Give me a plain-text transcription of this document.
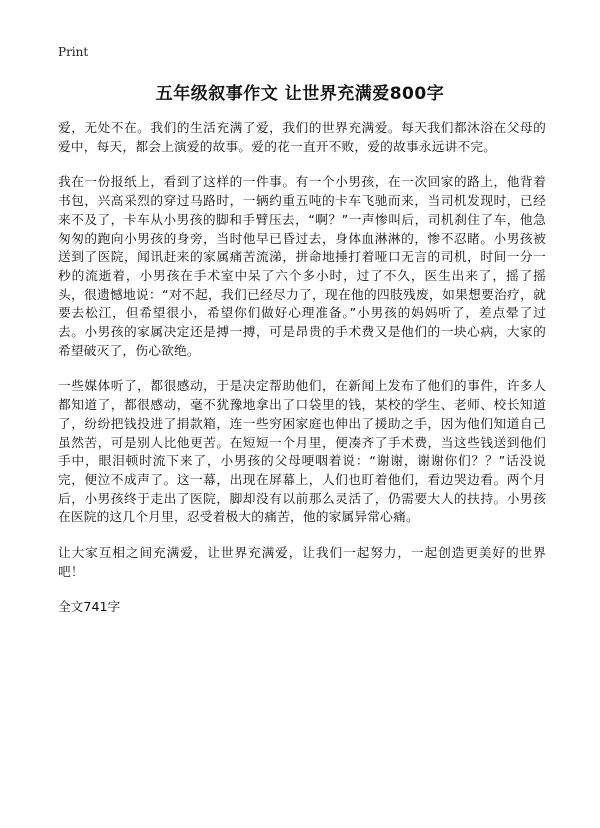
Print
五年级叙事作文 让世界充满爱800字

爱，无处不在。我们的生活充满了爱，我们的世界充满爱。每天我们都沐浴在父母的爱中，每天，都会上演爱的故事。爱的花一直开不败，爱的故事永远讲不完。

我在一份报纸上，看到了这样的一件事。有一个小男孩，在一次回家的路上，他背着书包，兴高采烈的穿过马路时，一辆约重五吨的卡车飞驰而来，当司机发现时，已经来不及了，卡车从小男孩的脚和手臂压去，“啊？”一声惨叫后，司机刹住了车，他急匆匆的跑向小男孩的身旁，当时他早已昏过去，身体血淋淋的，惨不忍睹。小男孩被送到了医院，闻讯赶来的家属痛苦流涕，拼命地捶打着哑口无言的司机，时间一分一秒的流逝着，小男孩在手术室中呆了六个多小时，过了不久，医生出来了，摇了摇头，很遗憾地说：“对不起，我们已经尽力了，现在他的四肢残废，如果想要治疗，就要去松江，但希望很小，希望你们做好心理准备。”小男孩的妈妈听了，差点晕了过去。小男孩的家属决定还是搏一搏，可是昂贵的手术费又是他们的一块心病，大家的希望破灭了，伤心欲绝。

一些媒体听了，都很感动，于是决定帮助他们，在新闻上发布了他们的事件，许多人都知道了，都很感动，毫不犹豫地拿出了口袋里的钱，某校的学生、老师、校长知道了，纷纷把钱投进了捐款箱，连一些穷困家庭也伸出了援助之手，因为他们知道自己虽然苦，可是别人比他更苦。在短短一个月里，便凑齐了手术费，当这些钱送到他们手中，眼泪顿时流下来了，小男孩的父母哽咽着说：“谢谢，谢谢你们？？”话没说完，便泣不成声了。这一幕，出现在屏幕上，人们也盯着他们，看边哭边看。两个月后，小男孩终于走出了医院，脚却没有以前那么灵活了，仍需要大人的扶持。小男孩在医院的这几个月里，忍受着极大的痛苦，他的家属异常心痛。

让大家互相之间充满爱，让世界充满爱，让我们一起努力，一起创造更美好的世界吧！

全文741字
